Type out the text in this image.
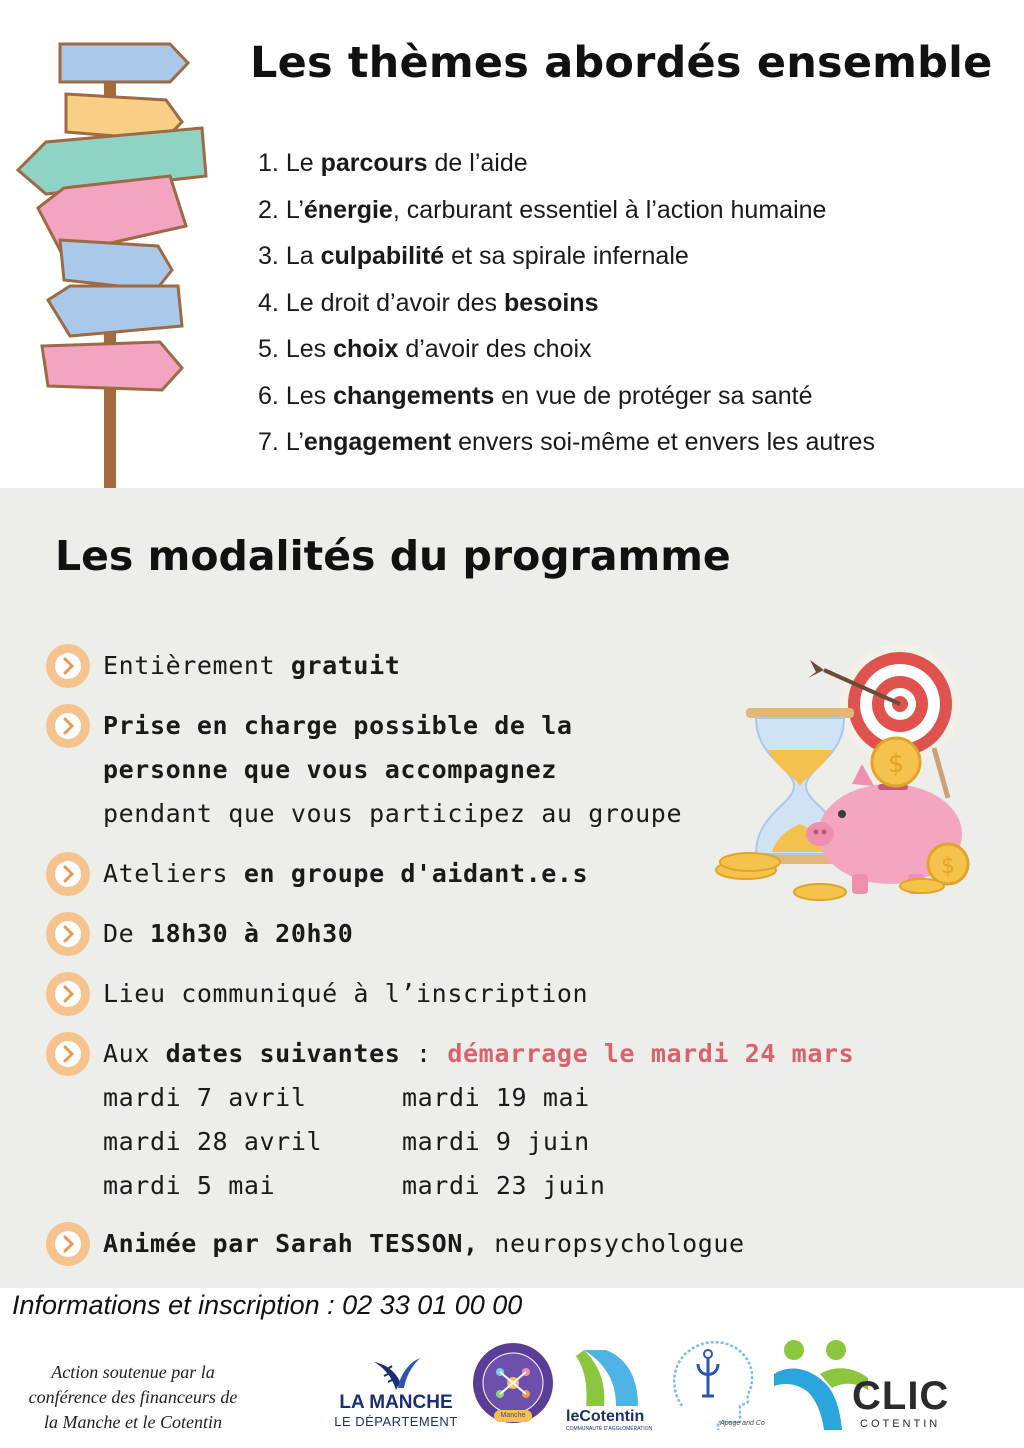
Les thèmes abordés ensemble
1. Le parcours de l’aide
2. L’énergie, carburant essentiel à l’action humaine
3. La culpabilité et sa spirale infernale
4. Le droit d’avoir des besoins
5. Les choix d’avoir des choix
6. Les changements en vue de protéger sa santé
7. L’engagement envers soi-même et envers les autres
Les modalités du programme
Entièrement gratuit
Prise en charge possible de la
personne que vous accompagnez
pendant que vous participez au groupe
Ateliers en groupe d'aidant.e.s
De 18h30 à 20h30
Lieu communiqué à l’inscription
Aux dates suivantes : démarrage le mardi 24 mars
mardi 7 avril
mardi 28 avril
mardi 5 mai
mardi 19 mai
mardi 9 juin
mardi 23 juin
Animée par Sarah TESSON, neuropsychologue
$
$
Informations et inscription : 02 33 01 00 00
Action soutenue par la
conférence des financeurs de
la Manche et le Cotentin
LA MANCHE
LE DÉPARTEMENT	Manche	leCotentin
COMMUNAUTÉ D'AGGLOMÉRATION
Apoge and Co
CLIC
COTENTIN
